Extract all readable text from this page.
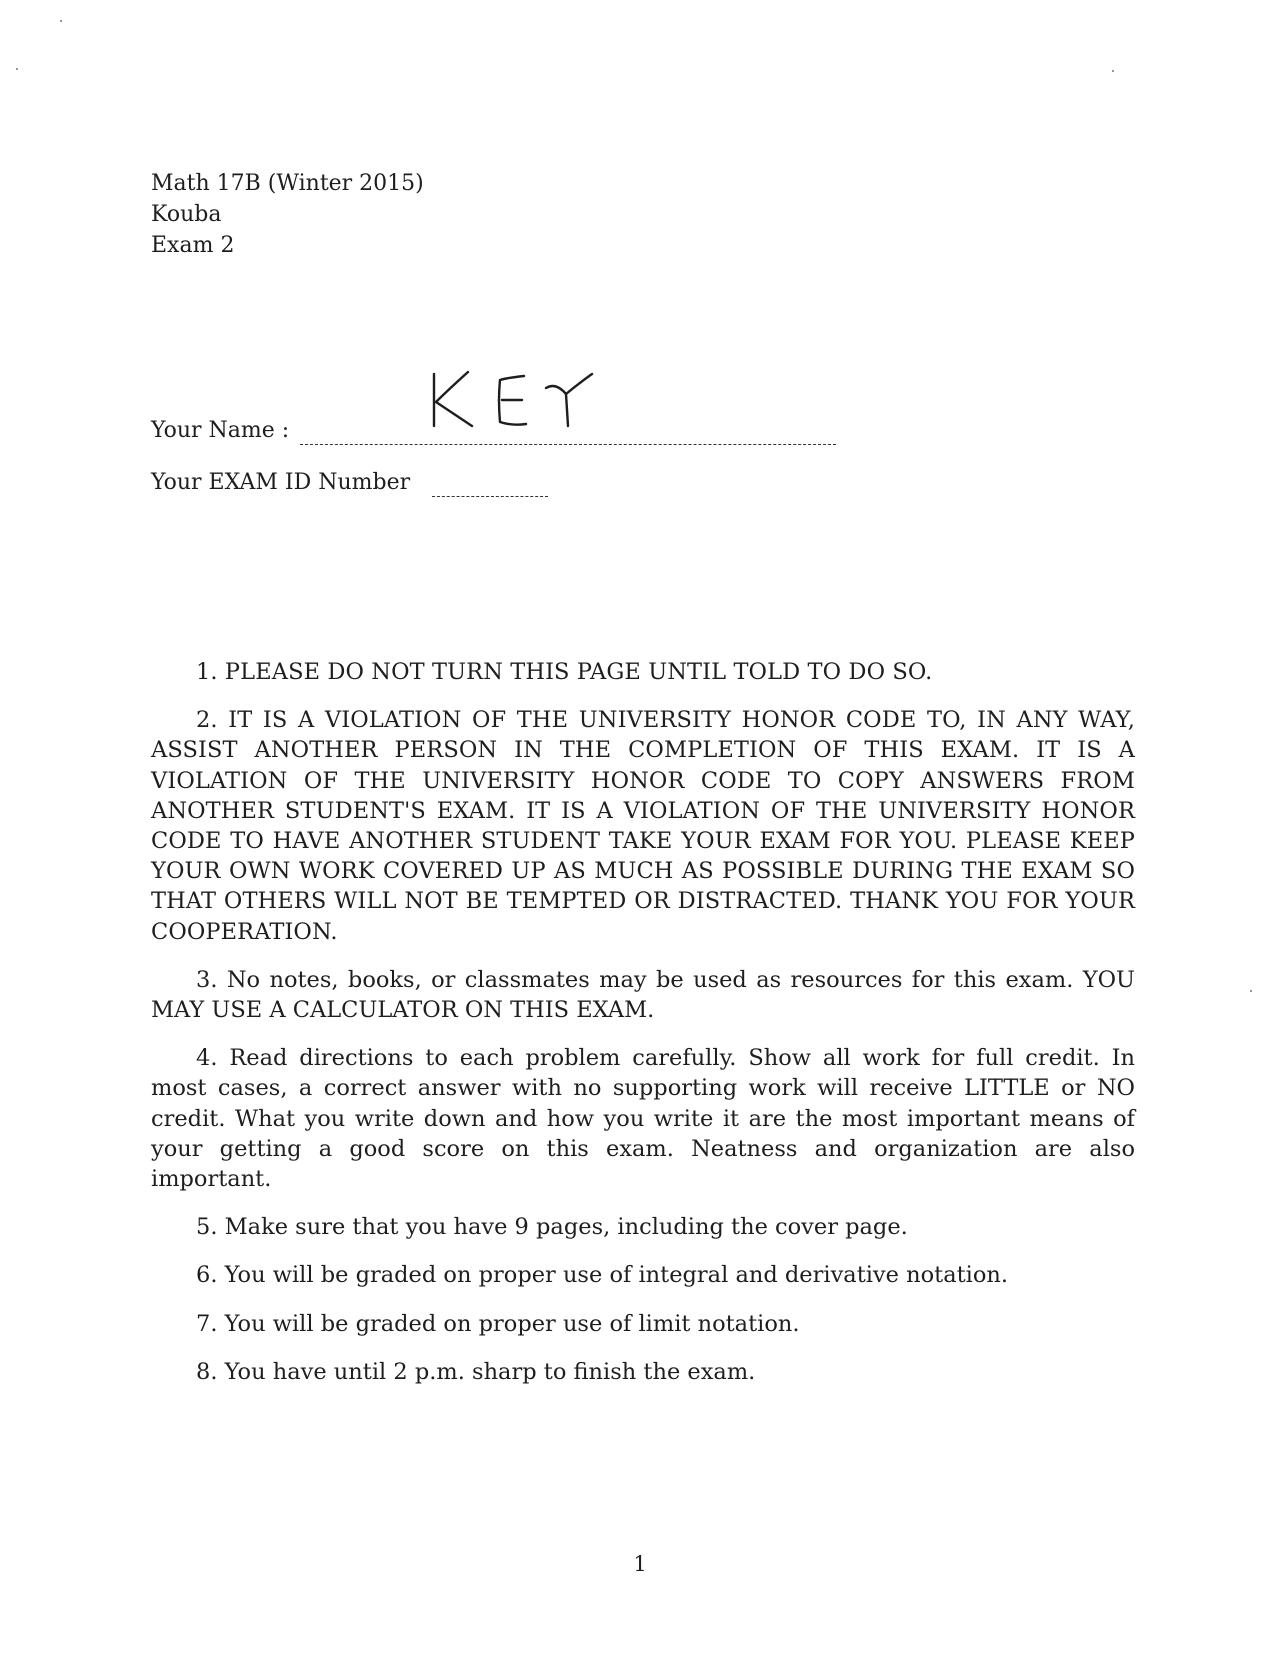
Math 17B (Winter 2015)
Kouba
Exam 2
Your Name :
Your EXAM ID Number

1. PLEASE DO NOT TURN THIS PAGE UNTIL TOLD TO DO SO.

2. IT IS A VIOLATION OF THE UNIVERSITY HONOR CODE TO, IN ANY WAY, ASSIST ANOTHER PERSON IN THE COMPLETION OF THIS EXAM. IT IS A VIOLATION OF THE UNIVERSITY HONOR CODE TO COPY ANSWERS FROM ANOTHER STUDENT'S EXAM. IT IS A VIOLATION OF THE UNIVERSITY HONOR CODE TO HAVE ANOTHER STUDENT TAKE YOUR EXAM FOR YOU. PLEASE KEEP YOUR OWN WORK COVERED UP AS MUCH AS POSSIBLE DURING THE EXAM SO THAT OTHERS WILL NOT BE TEMPTED OR DISTRACTED. THANK YOU FOR YOUR COOPERATION.

3. No notes, books, or classmates may be used as resources for this exam. YOU MAY USE A CALCULATOR ON THIS EXAM.

4. Read directions to each problem carefully. Show all work for full credit. In most cases, a correct answer with no supporting work will receive LITTLE or NO credit. What you write down and how you write it are the most important means of your getting a good score on this exam. Neatness and organization are also important.

5. Make sure that you have 9 pages, including the cover page.

6. You will be graded on proper use of integral and derivative notation.

7. You will be graded on proper use of limit notation.

8. You have until 2 p.m. sharp to finish the exam.

1
